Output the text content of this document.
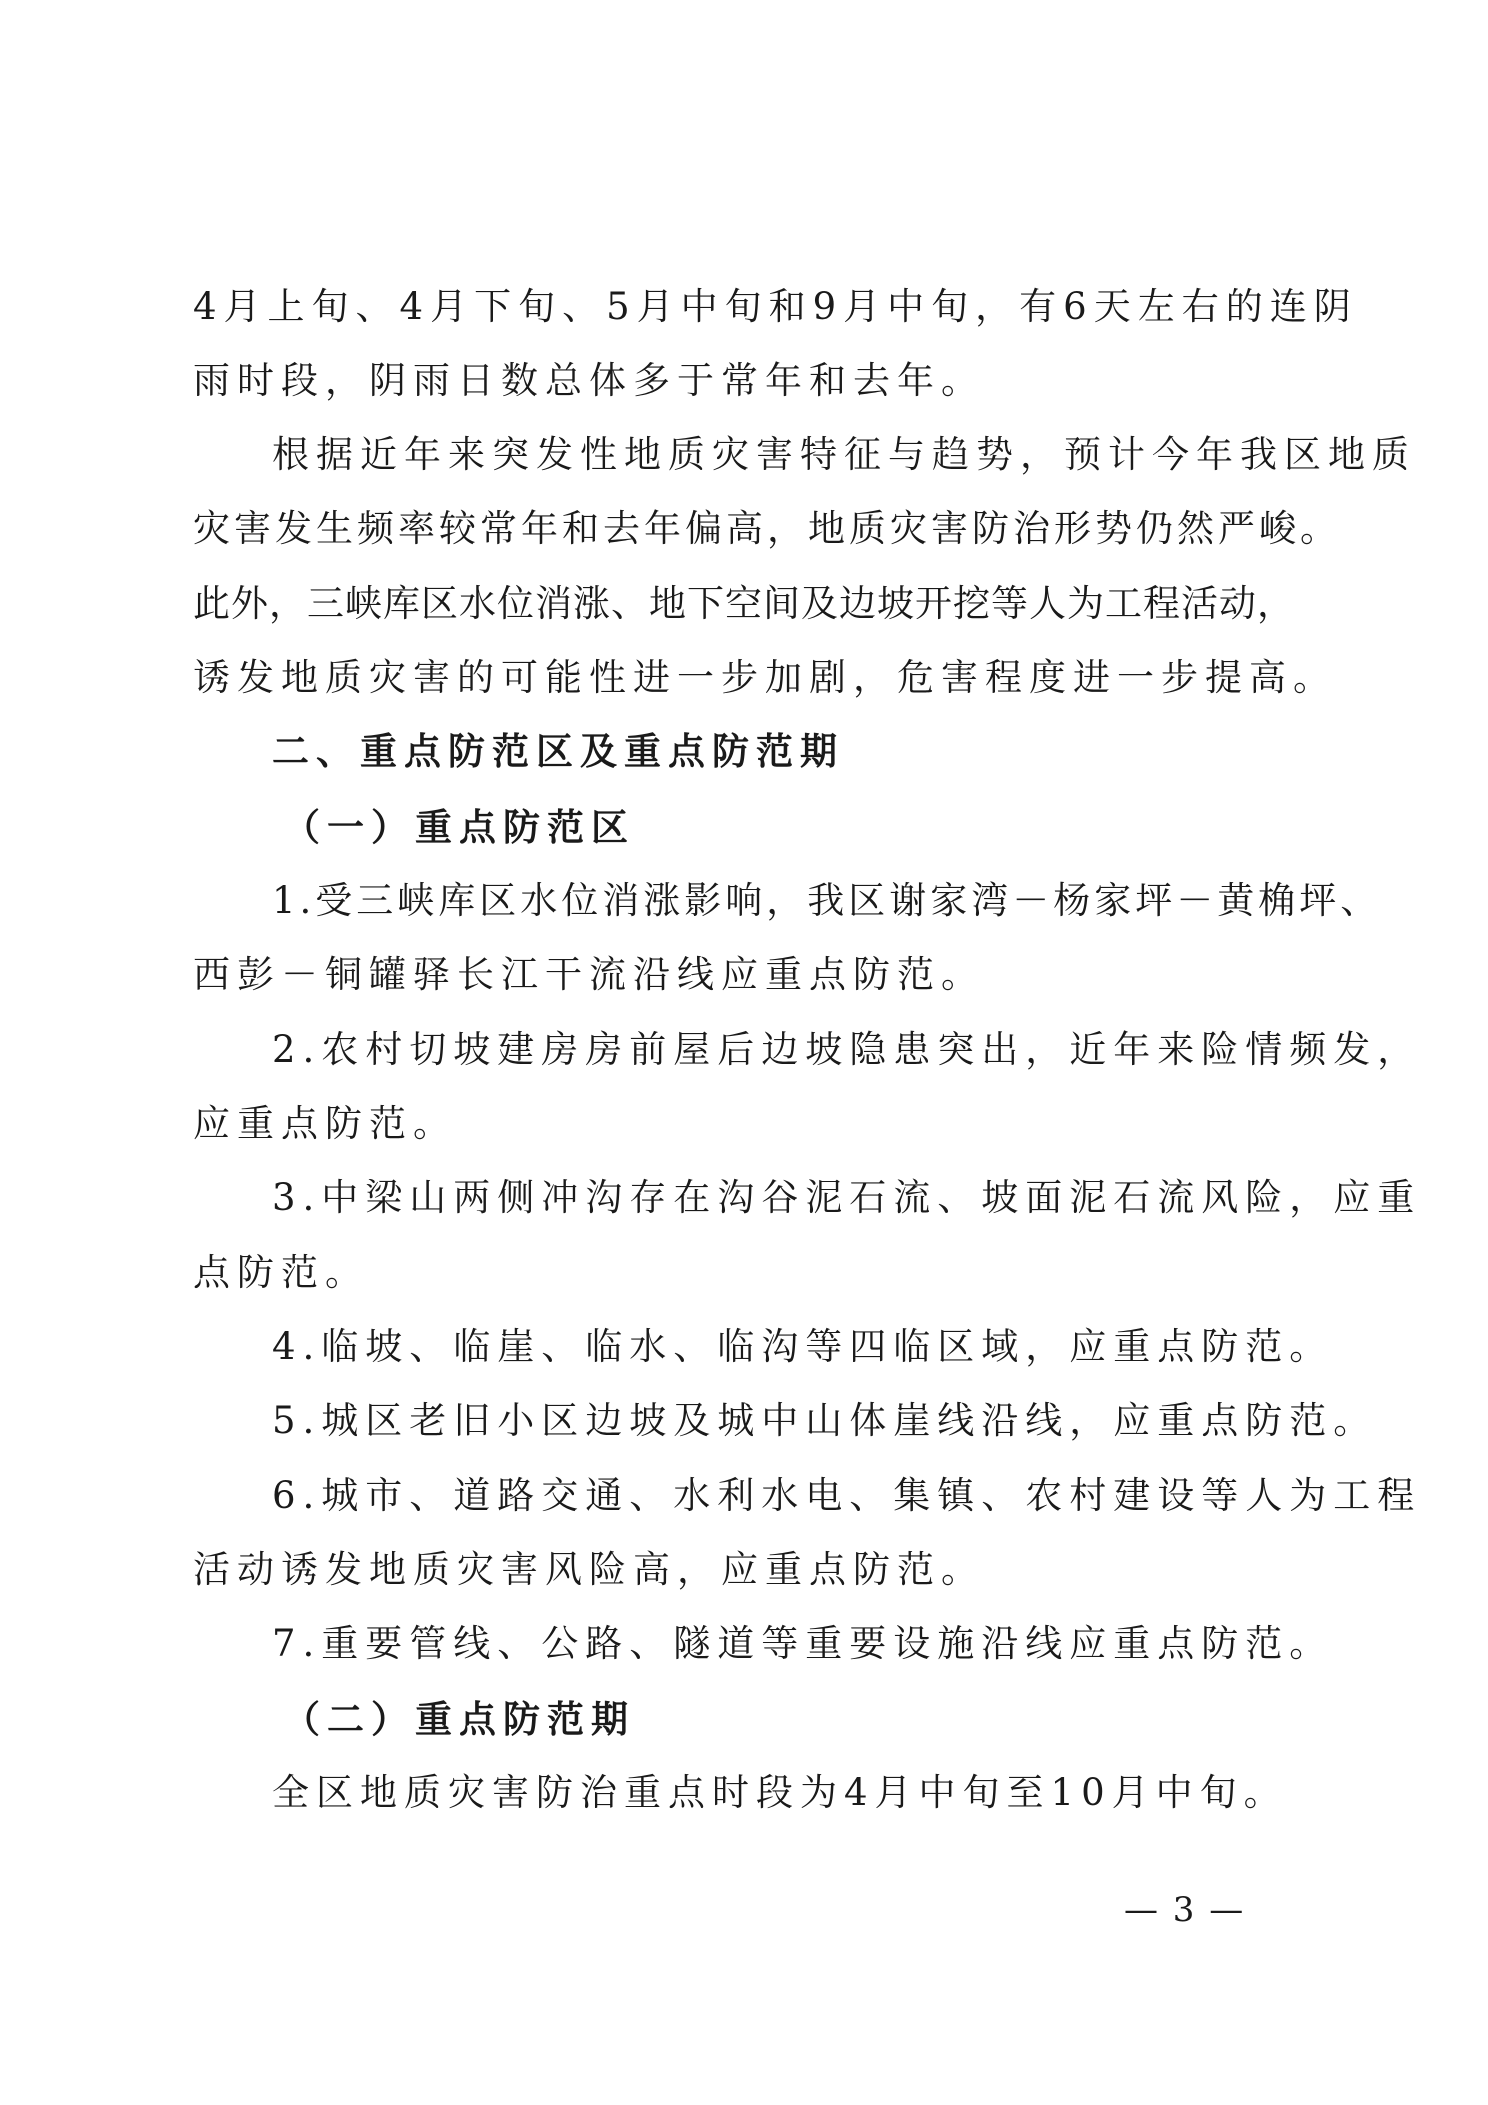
4月上旬、4月下旬、5月中旬和9月中旬，有6天左右的连阴
雨时段，阴雨日数总体多于常年和去年。
根据近年来突发性地质灾害特征与趋势，预计今年我区地质
灾害发生频率较常年和去年偏高，地质灾害防治形势仍然严峻。
此外，三峡库区水位消涨、地下空间及边坡开挖等人为工程活动，
诱发地质灾害的可能性进一步加剧，危害程度进一步提高。
二、重点防范区及重点防范期
（一）重点防范区
1.受三峡库区水位消涨影响，我区谢家湾－杨家坪－黄桷坪、
西彭－铜罐驿长江干流沿线应重点防范。
2.农村切坡建房房前屋后边坡隐患突出，近年来险情频发，
应重点防范。
3.中梁山两侧冲沟存在沟谷泥石流、坡面泥石流风险，应重
点防范。
4.临坡、临崖、临水、临沟等四临区域，应重点防范。
5.城区老旧小区边坡及城中山体崖线沿线，应重点防范。
6.城市、道路交通、水利水电、集镇、农村建设等人为工程
活动诱发地质灾害风险高，应重点防范。
7.重要管线、公路、隧道等重要设施沿线应重点防范。
（二）重点防范期
全区地质灾害防治重点时段为4月中旬至10月中旬。
— 3 —
